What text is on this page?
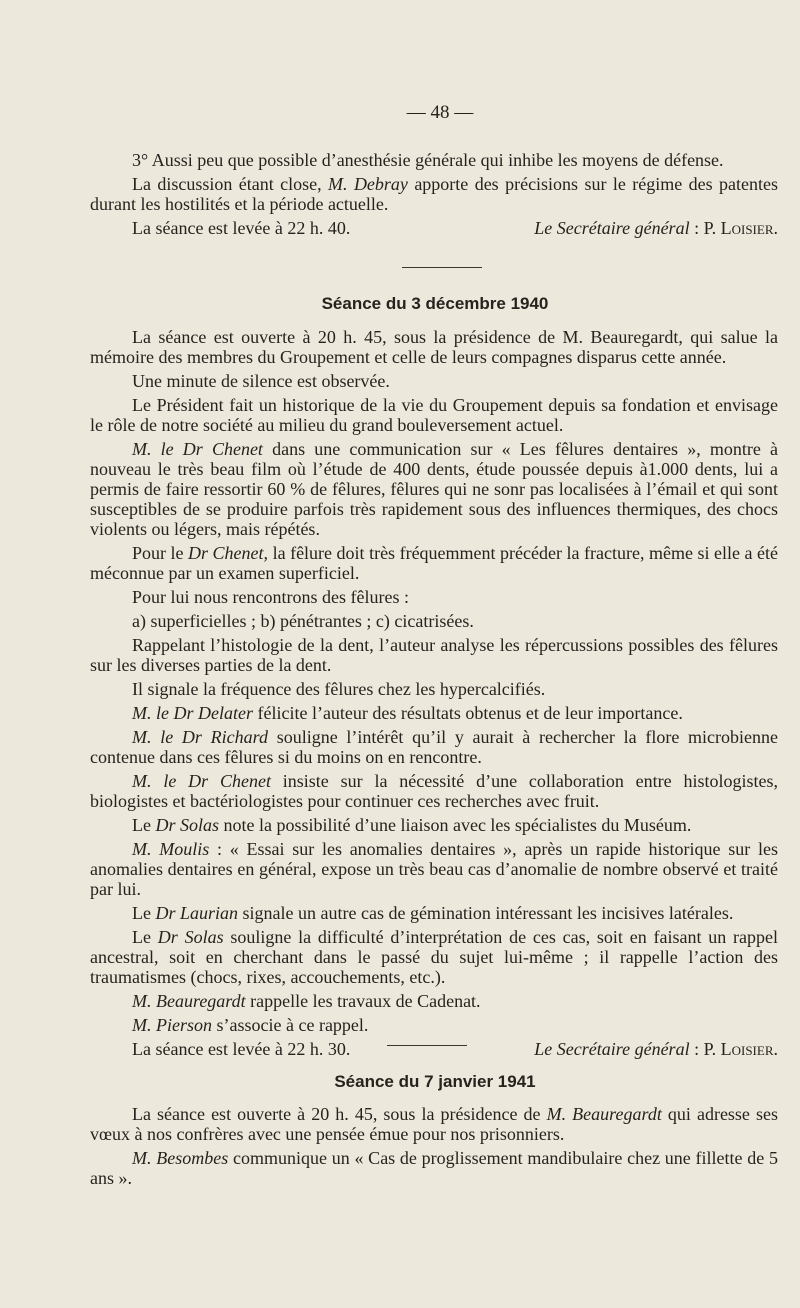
— 48 —

3° Aussi peu que possible d’anesthésie générale qui inhibe les moyens de défense.

La discussion étant close, M. Debray apporte des précisions sur le régime des patentes durant les hostilités et la période actuelle.

La séance est levée à 22 h. 40.	Le Secrétaire général : P. Loisier.
Séance du 3 décembre 1940

La séance est ouverte à 20 h. 45, sous la présidence de M. Beauregardt, qui salue la mémoire des membres du Groupement et celle de leurs compagnes disparus cette année.

Une minute de silence est observée.

Le Président fait un historique de la vie du Groupement depuis sa fondation et envisage le rôle de notre société au milieu du grand bouleversement actuel.

M. le Dr Chenet dans une communication sur « Les fêlures dentaires », montre à nouveau le très beau film où l’étude de 400 dents, étude poussée depuis à1.000 dents, lui a permis de faire ressortir 60 % de fêlures, fêlures qui ne sonr pas localisées à l’émail et qui sont susceptibles de se produire parfois très rapidement sous des influences thermiques, des chocs violents ou légers, mais répétés.

Pour le Dr Chenet, la fêlure doit très fréquemment précéder la fracture, même si elle a été méconnue par un examen superficiel.

Pour lui nous rencontrons des fêlures :

a) superficielles ; b) pénétrantes ; c) cicatrisées.

Rappelant l’histologie de la dent, l’auteur analyse les répercussions possibles des fêlures sur les diverses parties de la dent.

Il signale la fréquence des fêlures chez les hypercalcifiés.

M. le Dr Delater félicite l’auteur des résultats obtenus et de leur importance.

M. le Dr Richard souligne l’intérêt qu’il y aurait à rechercher la flore microbienne contenue dans ces fêlures si du moins on en rencontre.

M. le Dr Chenet insiste sur la nécessité d’une collaboration entre histologistes, biologistes et bactériologistes pour continuer ces recherches avec fruit.

Le Dr Solas note la possibilité d’une liaison avec les spécialistes du Muséum.

M. Moulis : « Essai sur les anomalies dentaires », après un rapide historique sur les anomalies dentaires en général, expose un très beau cas d’anomalie de nombre observé et traité par lui.

Le Dr Laurian signale un autre cas de gémination intéressant les incisives latérales.

Le Dr Solas souligne la difficulté d’interprétation de ces cas, soit en faisant un rappel ancestral, soit en cherchant dans le passé du sujet lui-même ; il rappelle l’action des traumatismes (chocs, rixes, accouchements, etc.).

M. Beauregardt rappelle les travaux de Cadenat.

M. Pierson s’associe à ce rappel.

La séance est levée à 22 h. 30.	Le Secrétaire général : P. Loisier.
Séance du 7 janvier 1941

La séance est ouverte à 20 h. 45, sous la présidence de M. Beauregardt qui adresse ses vœux à nos confrères avec une pensée émue pour nos prisonniers.

M. Besombes communique un « Cas de proglissement mandibulaire chez une fillette de 5 ans ».
